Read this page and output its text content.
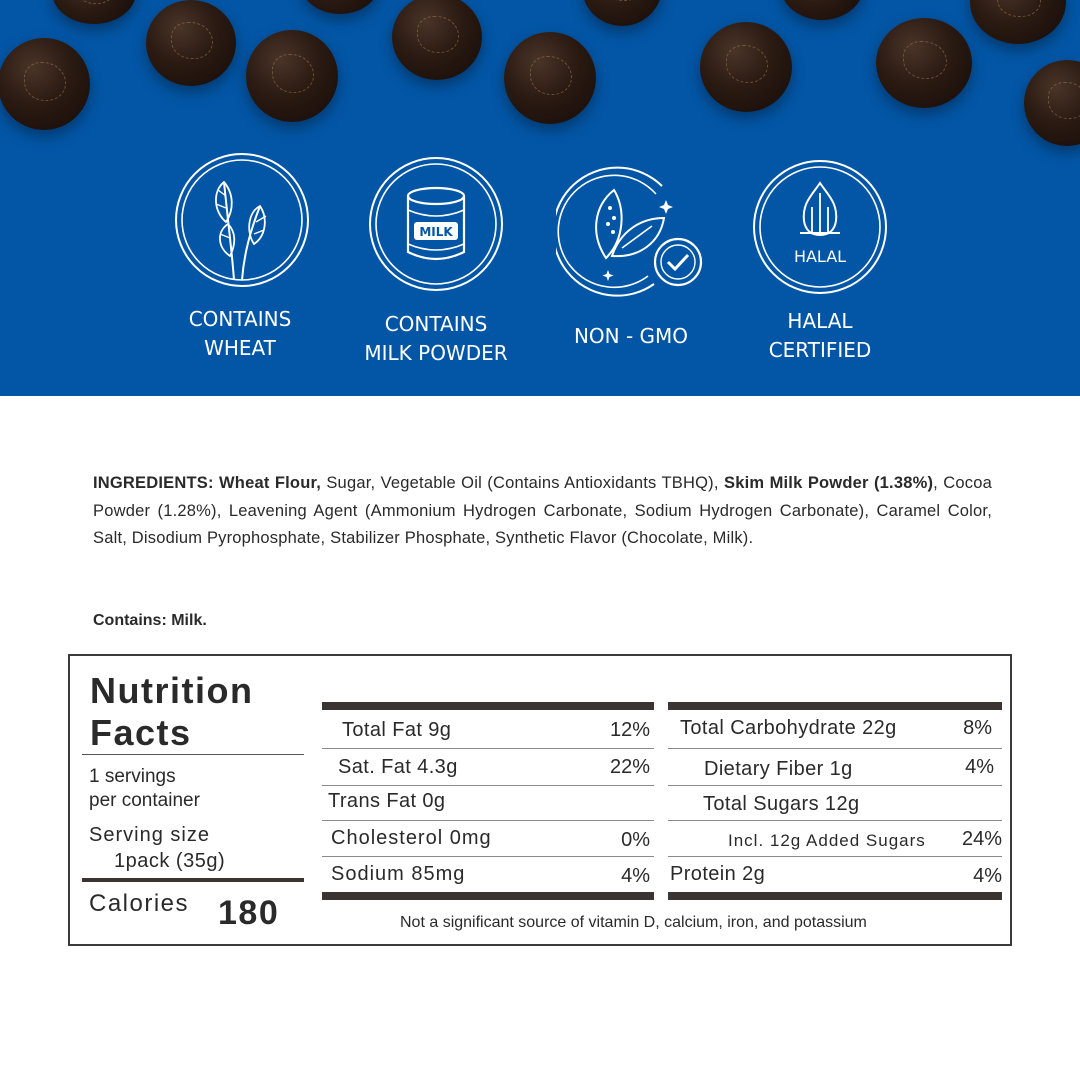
CONTAINS
WHEAT
MILK
CONTAINS
MILK POWDER
NON - GMO
HALAL
HALAL
CERTIFIED
INGREDIENTS: Wheat Flour, Sugar, Vegetable Oil (Contains Antioxidants TBHQ), Skim Milk Powder (1.38%), Cocoa Powder (1.28%), Leavening Agent (Ammonium Hydrogen Carbonate, Sodium Hydrogen Carbonate), Caramel Color, Salt, Disodium Pyrophosphate, Stabilizer Phosphate, Synthetic Flavor (Chocolate, Milk).
Contains: Milk.
Nutrition
Facts
1 servings
per container
Serving size
1pack (35g)
Calories 180
Total Fat 9g	12%
Sat. Fat 4.3g	22%
Trans Fat 0g
Cholesterol 0mg	0%
Sodium 85mg	4%
Total Carbohydrate 22g	8%
Dietary Fiber 1g	4%
Total Sugars 12g
Incl. 12g Added Sugars	24%
Protein 2g	4%
Not a significant source of vitamin D, calcium, iron, and potassium
